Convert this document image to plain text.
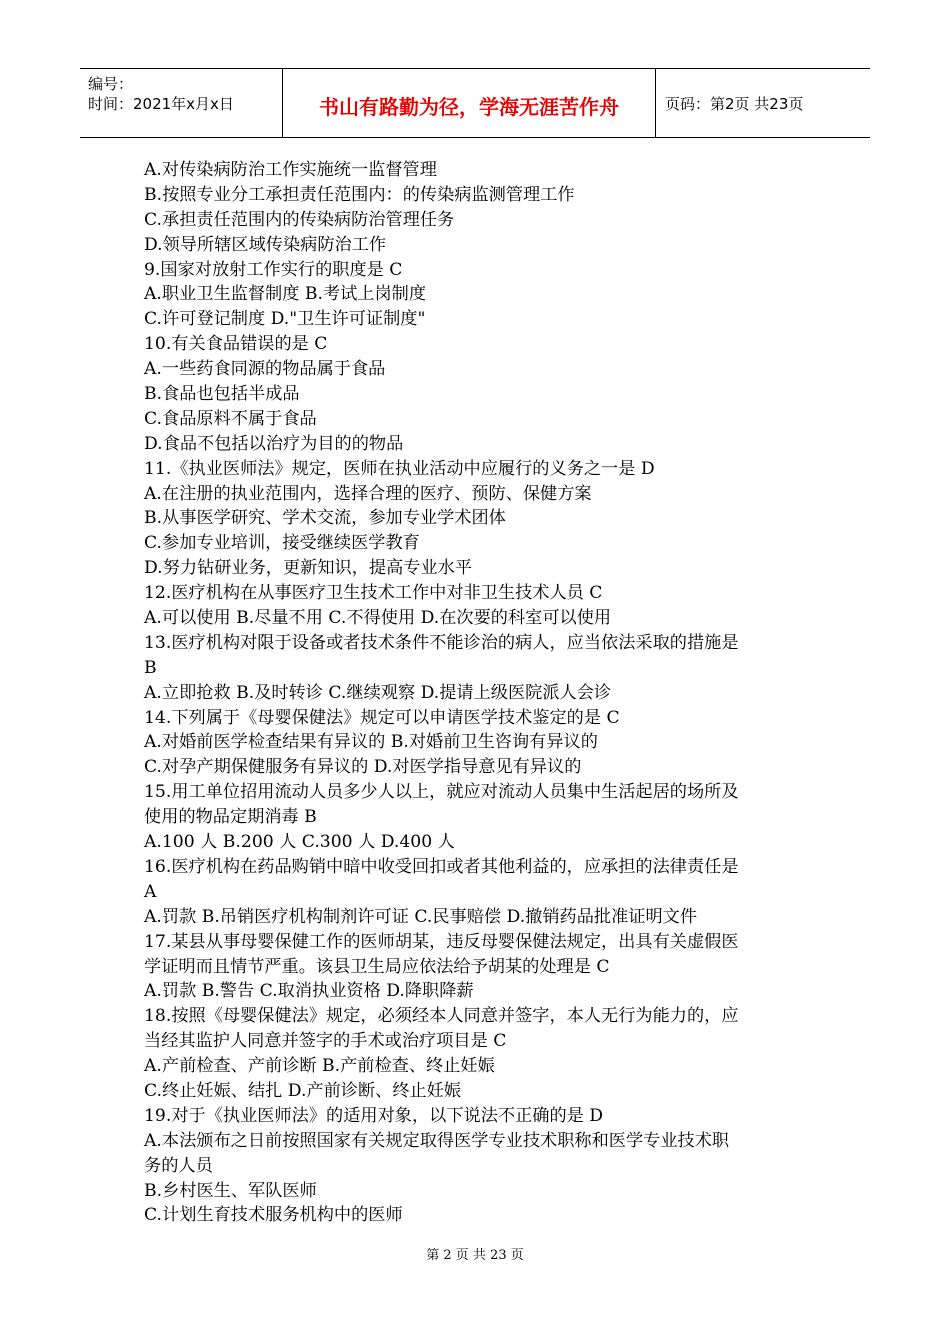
编号：
时间：2021年x月x日	书山有路勤为径，学海无涯苦作舟	页码：第2页 共23页
A.对传染病防治工作实施统一监督管理
B.按照专业分工承担责任范围内：的传染病监测管理工作
C.承担责任范围内的传染病防治管理任务
D.领导所辖区域传染病防治工作
9.国家对放射工作实行的职度是 C
A.职业卫生监督制度 B.考试上岗制度
C.许可登记制度 D."卫生许可证制度"
10.有关食品错误的是 C
A.一些药食同源的物品属于食品
B.食品也包括半成品
C.食品原料不属于食品
D.食品不包括以治疗为目的的物品
11.《执业医师法》规定，医师在执业活动中应履行的义务之一是 D
A.在注册的执业范围内，选择合理的医疗、预防、保健方案
B.从事医学研究、学术交流，参加专业学术团体
C.参加专业培训，接受继续医学教育
D.努力钻研业务，更新知识，提高专业水平
12.医疗机构在从事医疗卫生技术工作中对非卫生技术人员 C
A.可以使用 B.尽量不用 C.不得使用 D.在次要的科室可以使用
13.医疗机构对限于设备或者技术条件不能诊治的病人，应当依法采取的措施是
B
A.立即抢救 B.及时转诊 C.继续观察 D.提请上级医院派人会诊
14.下列属于《母婴保健法》规定可以申请医学技术鉴定的是 C
A.对婚前医学检查结果有异议的 B.对婚前卫生咨询有异议的
C.对孕产期保健服务有异议的 D.对医学指导意见有异议的
15.用工单位招用流动人员多少人以上，就应对流动人员集中生活起居的场所及
使用的物品定期消毒 B
A.100 人 B.200 人 C.300 人 D.400 人
16.医疗机构在药品购销中暗中收受回扣或者其他利益的，应承担的法律责任是
A
A.罚款 B.吊销医疗机构制剂许可证 C.民事赔偿 D.撤销药品批准证明文件
17.某县从事母婴保健工作的医师胡某，违反母婴保健法规定，出具有关虚假医
学证明而且情节严重。该县卫生局应依法给予胡某的处理是 C
A.罚款 B.警告 C.取消执业资格 D.降职降薪
18.按照《母婴保健法》规定，必须经本人同意并签字，本人无行为能力的，应
当经其监护人同意并签字的手术或治疗项目是 C
A.产前检查、产前诊断 B.产前检查、终止妊娠
C.终止妊娠、结扎 D.产前诊断、终止妊娠
19.对于《执业医师法》的适用对象，以下说法不正确的是 D
A.本法颁布之日前按照国家有关规定取得医学专业技术职称和医学专业技术职
务的人员
B.乡村医生、军队医师
C.计划生育技术服务机构中的医师
第 2 页 共 23 页
